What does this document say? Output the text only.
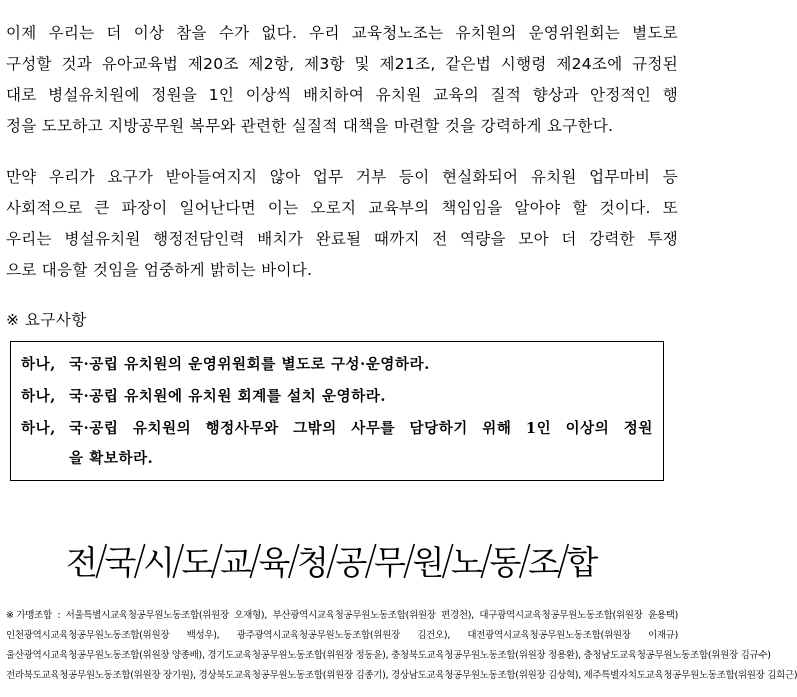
이제 우리는 더 이상 참을 수가 없다. 우리 교육청노조는 유치원의 운영위원회는 별도로
구성할 것과 유아교육법 제20조 제2항, 제3항 및 제21조, 같은법 시행령 제24조에 규정된
대로 병설유치원에 정원을 1인 이상씩 배치하여 유치원 교육의 질적 향상과 안정적인 행
정을 도모하고 지방공무원 복무와 관련한 실질적 대책을 마련할 것을 강력하게 요구한다.
만약 우리가 요구가 받아들여지지 않아 업무 거부 등이 현실화되어 유치원 업무마비 등
사회적으로 큰 파장이 일어난다면 이는 오로지 교육부의 책임임을 알아야 할 것이다. 또
우리는 병설유치원 행정전담인력 배치가 완료될 때까지 전 역량을 모아 더 강력한 투쟁
으로 대응할 것임을 엄중하게 밝히는 바이다.
※ 요구사항
하나, 국·공립 유치원의 운영위원회를 별도로 구성·운영하라.
하나, 국·공립 유치원에 유치원 회계를 설치 운영하라.
하나, 국·공립 유치원의 행정사무와 그밖의 사무를 담당하기 위해 1인 이상의 정원
을 확보하라.
전 국 시 도 교 육 청 공 무 원 노 동 조 합
※가맹조합 : 서울특별시교육청공무원노동조합(위원장 오재형), 부산광역시교육청공무원노동조합(위원장 편경천), 대구광역시교육청공무원노동조합(위원장 윤용택)
인천광역시교육청공무원노동조합(위원장 백성우), 광주광역시교육청공무원노동조합(위원장 김건오), 대전광역시교육청공무원노동조합(위원장 이재규)
울산광역시교육청공무원노동조합(위원장 양종배), 경기도교육청공무원노동조합(위원장 정동윤), 충청북도교육청공무원노동조합(위원장 정용환), 충청남도교육청공무원노동조합(위원장 김규수)
전라북도교육청공무원노동조합(위원장 장기원), 경상북도교육청공무원노동조합(위원장 김종기), 경상남도교육청공무원노동조합(위원장 김상혁), 제주특별자치도교육청공무원노동조합(위원장 김희근)
